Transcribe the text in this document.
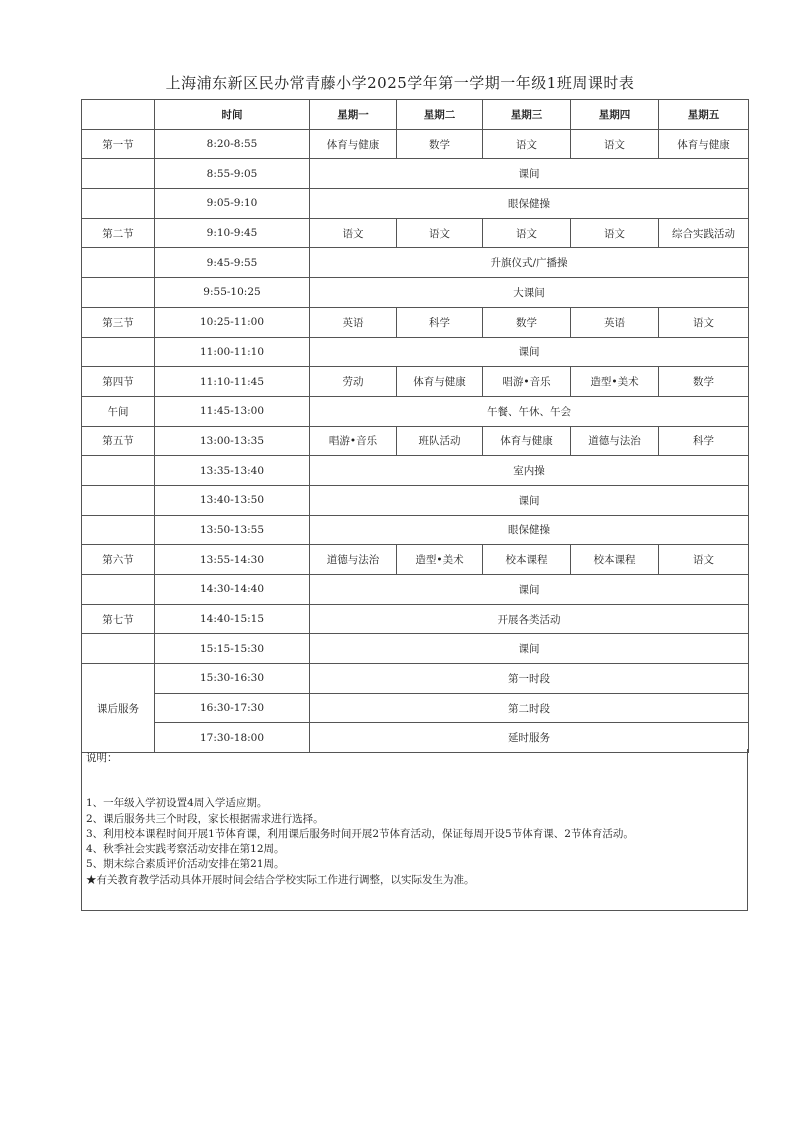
上海浦东新区民办常青藤小学2025学年第一学期一年级1班周课时表
	时间	星期一	星期二	星期三	星期四	星期五
第一节	8:20-8:55	体育与健康	数学	语文	语文	体育与健康
	8:55-9:05	课间				
	9:05-9:10	眼保健操				
第二节	9:10-9:45	语文	语文	语文	语文	综合实践活动
	9:45-9:55	升旗仪式/广播操				
	9:55-10:25	大课间				
第三节	10:25-11:00	英语	科学	数学	英语	语文
	11:00-11:10	课间				
第四节	11:10-11:45	劳动	体育与健康	唱游•音乐	造型•美术	数学
午间	11:45-13:00	午餐、午休、午会				
第五节	13:00-13:35	唱游•音乐	班队活动	体育与健康	道德与法治	科学
	13:35-13:40	室内操				
	13:40-13:50	课间				
	13:50-13:55	眼保健操				
第六节	13:55-14:30	道德与法治	造型•美术	校本课程	校本课程	语文
	14:30-14:40	课间				
第七节	14:40-15:15	开展各类活动				
	15:15-15:30	课间				
课后服务	15:30-16:30	第一时段				
	16:30-17:30	第二时段				
	17:30-18:00	延时服务				
说明：
1、一年级入学初设置4周入学适应期。
2、课后服务共三个时段，家长根据需求进行选择。
3、利用校本课程时间开展1节体育课，利用课后服务时间开展2节体育活动，保证每周开设5节体育课、2节体育活动。
4、秋季社会实践考察活动安排在第12周。
5、期末综合素质评价活动安排在第21周。
★有关教育教学活动具体开展时间会结合学校实际工作进行调整，以实际发生为准。
